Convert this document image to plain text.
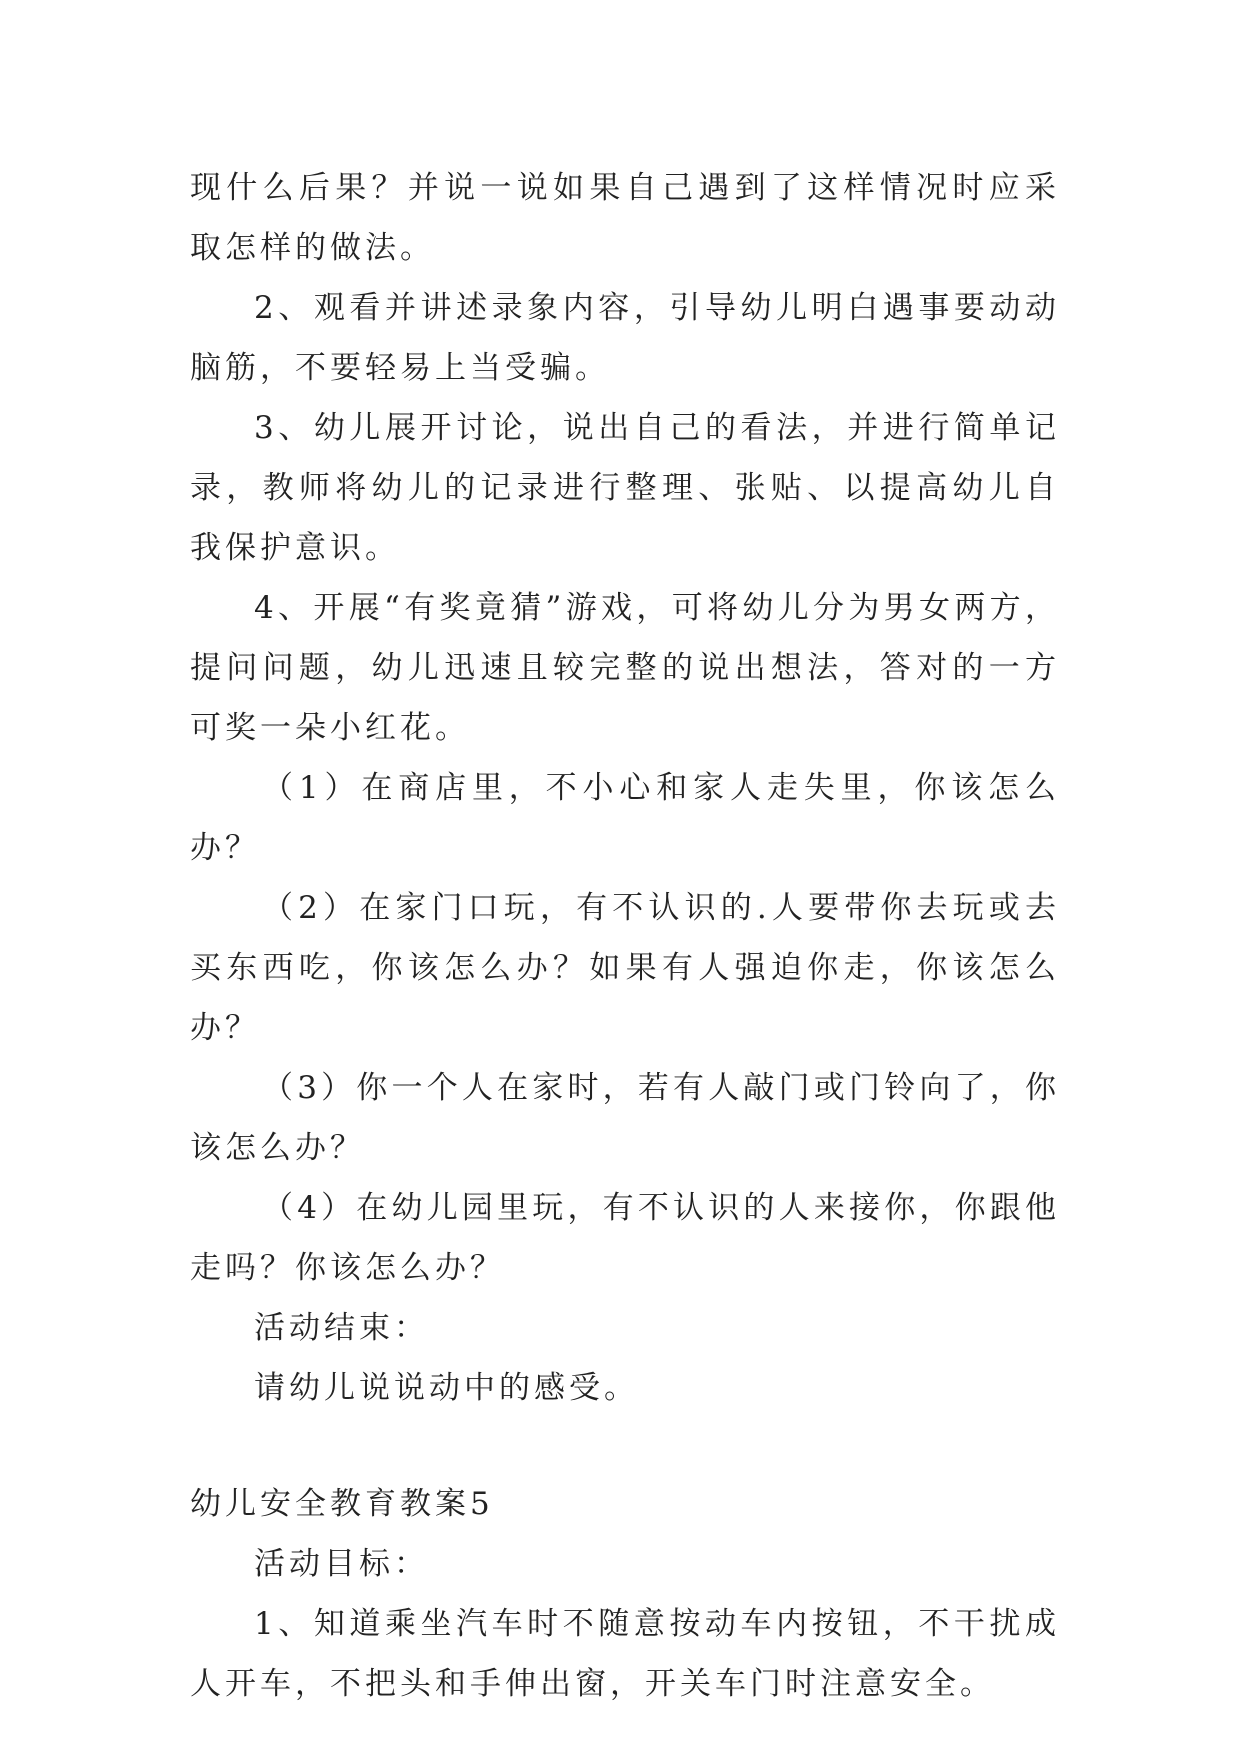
现什么后果？并说一说如果自己遇到了这样情况时应采取怎样的做法。

2、观看并讲述录象内容，引导幼儿明白遇事要动动脑筋，不要轻易上当受骗。

3、幼儿展开讨论，说出自己的看法，并进行简单记录，教师将幼儿的记录进行整理、张贴、以提高幼儿自我保护意识。

4、开展“有奖竟猜”游戏，可将幼儿分为男女两方，提问问题，幼儿迅速且较完整的说出想法，答对的一方可奖一朵小红花。

（1）在商店里，不小心和家人走失里，你该怎么办？

（2）在家门口玩，有不认识的.人要带你去玩或去买东西吃，你该怎么办？如果有人强迫你走，你该怎么办？

（3）你一个人在家时，若有人敲门或门铃向了，你该怎么办？

（4）在幼儿园里玩，有不认识的人来接你，你跟他走吗？你该怎么办？

活动结束：

请幼儿说说动中的感受。

幼儿安全教育教案5

活动目标：

1、知道乘坐汽车时不随意按动车内按钮，不干扰成人开车，不把头和手伸出窗，开关车门时注意安全。
